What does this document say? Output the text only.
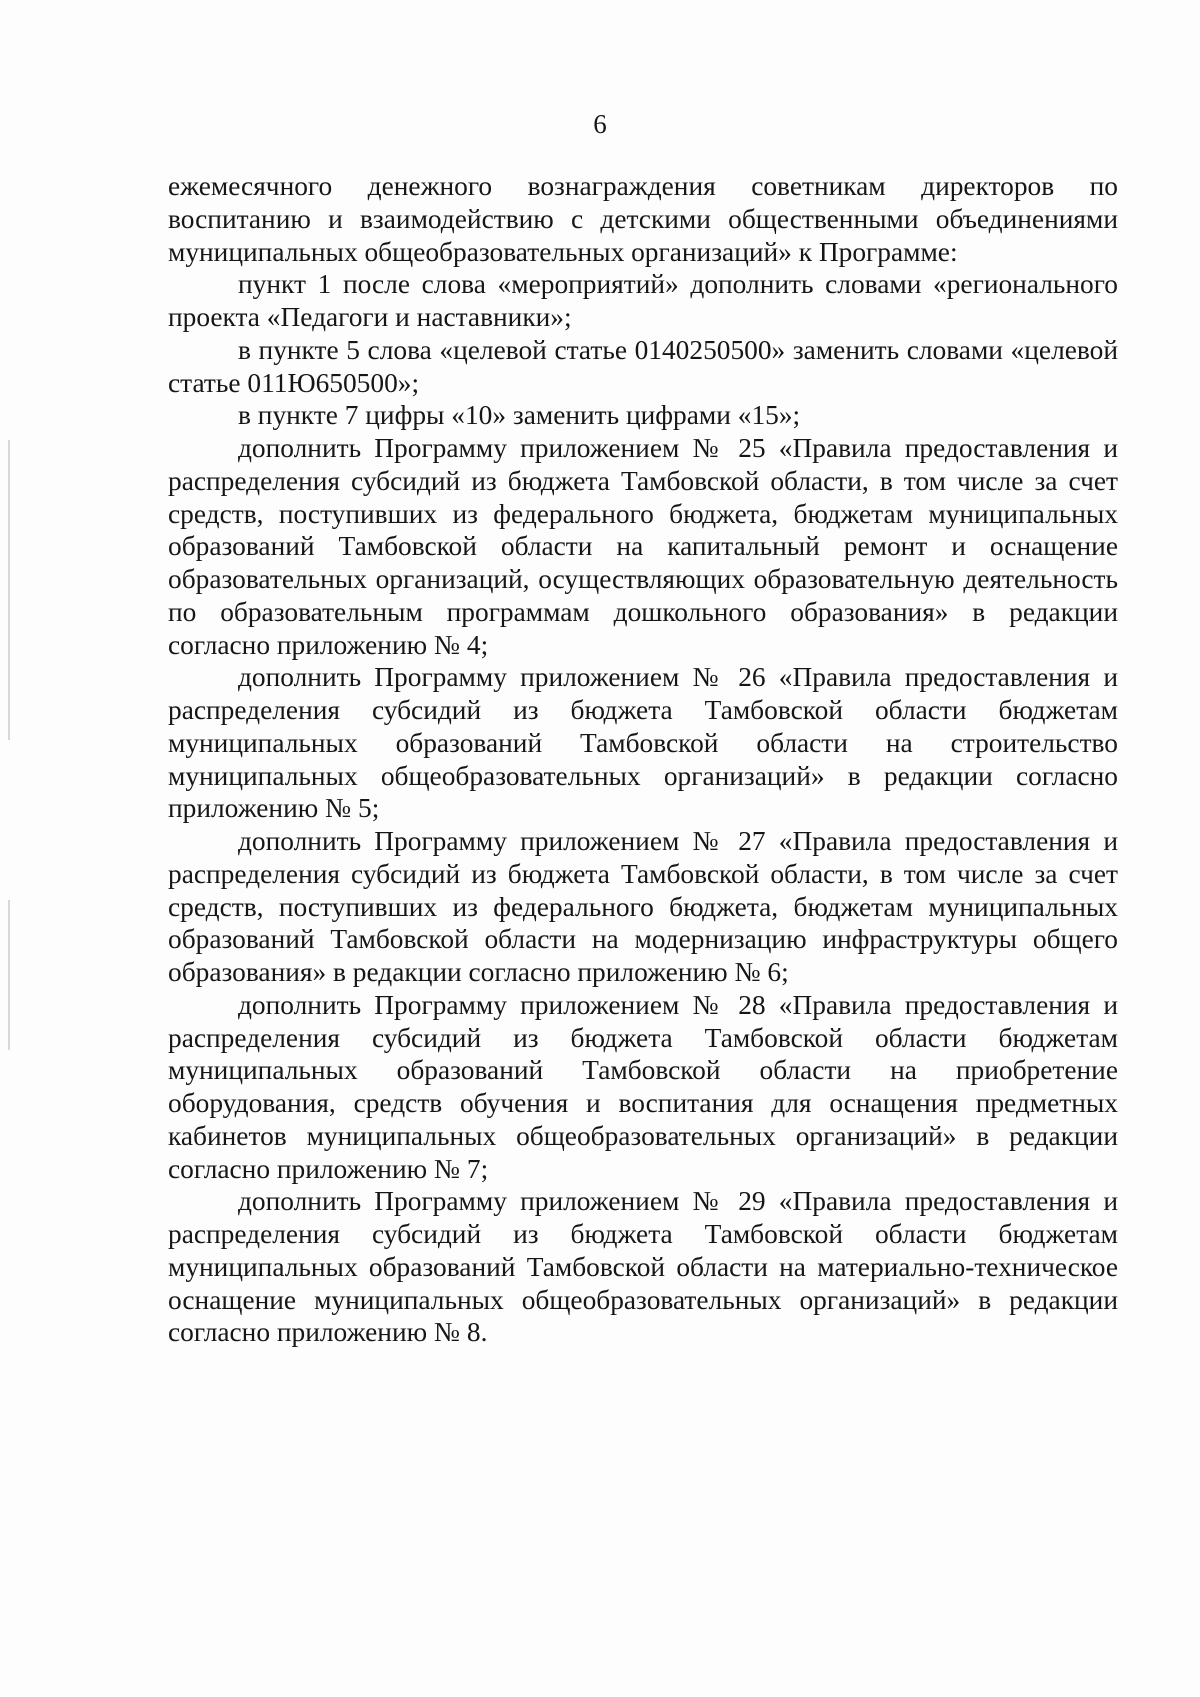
6

ежемесячного денежного вознаграждения советникам директоров по воспитанию и взаимодействию с детскими общественными объединениями муниципальных общеобразовательных организаций» к Программе:

пункт 1 после слова «мероприятий» дополнить словами «регионального проекта «Педагоги и наставники»;

в пункте 5 слова «целевой статье 0140250500» заменить словами «целевой статье 011Ю650500»;

в пункте 7 цифры «10» заменить цифрами «15»;

дополнить Программу приложением № 25 «Правила предоставления и распределения субсидий из бюджета Тамбовской области, в том числе за счет средств, поступивших из федерального бюджета, бюджетам муниципальных образований Тамбовской области на капитальный ремонт и оснащение образовательных организаций, осуществляющих образовательную деятельность по образовательным программам дошкольного образования» в редакции согласно приложению № 4;

дополнить Программу приложением № 26 «Правила предоставления и распределения субсидий из бюджета Тамбовской области бюджетам муниципальных образований Тамбовской области на строительство муниципальных общеобразовательных организаций» в редакции согласно приложению № 5;

дополнить Программу приложением № 27 «Правила предоставления и распределения субсидий из бюджета Тамбовской области, в том числе за счет средств, поступивших из федерального бюджета, бюджетам муниципальных образований Тамбовской области на модернизацию инфраструктуры общего образования» в редакции согласно приложению № 6;

дополнить Программу приложением № 28 «Правила предоставления и распределения субсидий из бюджета Тамбовской области бюджетам муниципальных образований Тамбовской области на приобретение оборудования, средств обучения и воспитания для оснащения предметных кабинетов муниципальных общеобразовательных организаций» в редакции согласно приложению № 7;

дополнить Программу приложением № 29 «Правила предоставления и распределения субсидий из бюджета Тамбовской области бюджетам муниципальных образований Тамбовской области на материально-техническое оснащение муниципальных общеобразовательных организаций» в редакции согласно приложению № 8.
